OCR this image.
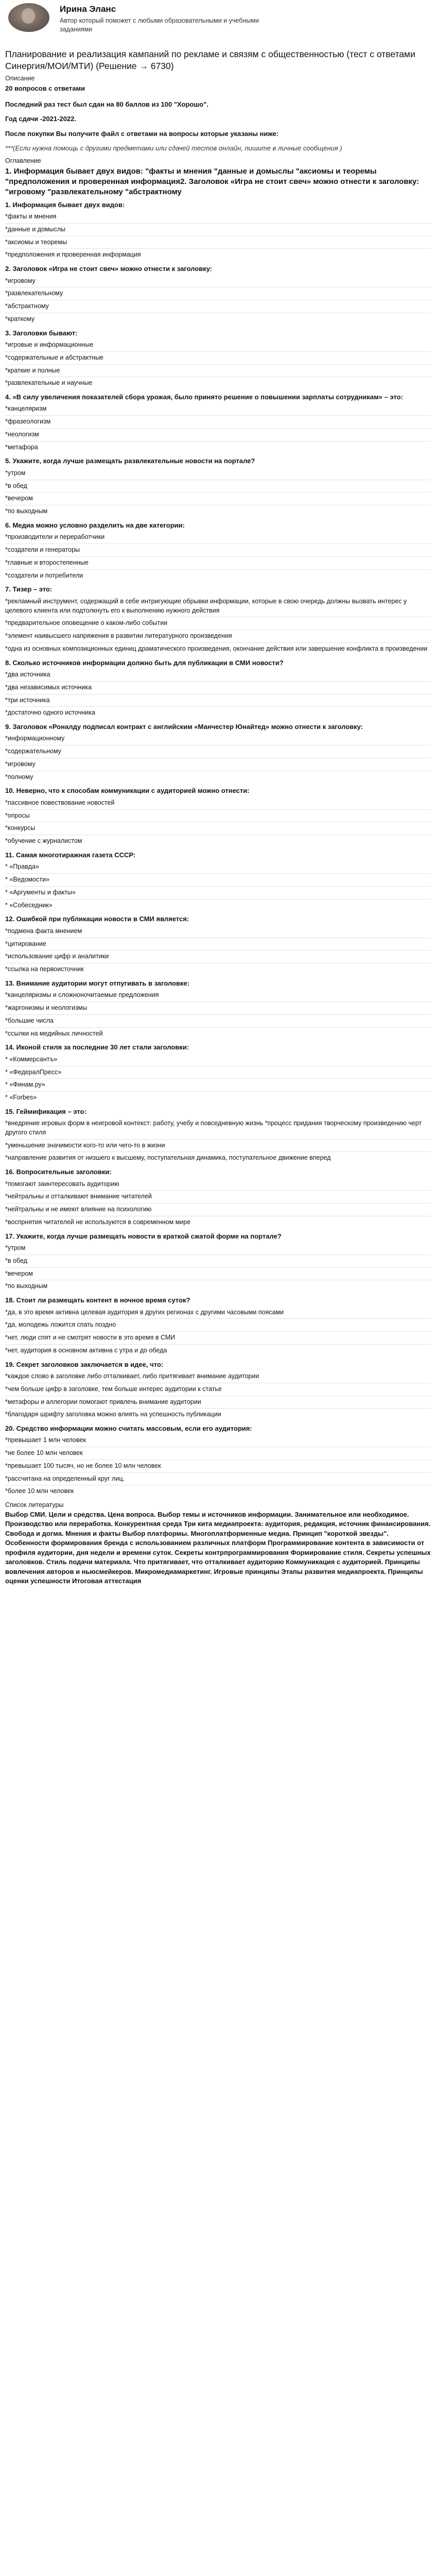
Ирина Эланс
Автор который поможет с любыми образовательными и учебными заданиями
Планирование и реализация кампаний по рекламе и связям с общественностью (тест с ответами Синергия/МОИ/МТИ) (Решение → 6730)
Описание

20 вопросов с ответами

Последний раз тест был сдан на 80 баллов из 100 "Хорошо".

Год сдачи -2021-2022.

После покупки Вы получите файл с ответами на вопросы которые указаны ниже:

***(Если нужна помощь с другими предметами или сдачей тестов онлайн, пишите в личные сообщения )

Оглавление
1. Информация бывает двух видов: "факты и мнения "данные и домыслы "аксиомы и теоремы "предположения и проверенная информация2. Заголовок «Игра не стоит свеч» можно отнести к заголовку: "игровому "развлекательному "абстрактному
1. Информация бывает двух видов:
*факты и мнения
*данные и домыслы
*аксиомы и теоремы
*предположения и проверенная информация
2. Заголовок «Игра не стоит свеч» можно отнести к заголовку:
*игровому
*развлекательному
*абстрактному
*краткому
3. Заголовки бывают:
*игровые и информационные
*содержательные и абстрактные
*краткие и полные
*развлекательные и научные
4. «В силу увеличения показателей сбора урожая, было принято решение о повышении зарплаты сотрудникам» – это:
*канцеляризм
*фразеологизм
*неологизм
*метафора
5. Укажите, когда лучше размещать развлекательные новости на портале?
*утром
*в обед
*вечером
*по выходным
6. Медиа можно условно разделить на две категории:
*производители и переработчики
*создатели и генераторы
*главные и второстепенные
*создатели и потребители
7. Тизер – это:
*рекламный инструмент, содержащий в себе интригующие обрывки информации, которые в свою очередь должны вызвать интерес у целевого клиента или подтолкнуть его к выполнению нужного действия
*предварительное оповещение о каком-либо событии
*элемент наивысшего напряжения в развитии литературного произведения
*одна из основных композиционных единиц драматического произведения, окончание действия или завершение конфликта в произведении
8. Сколько источников информации должно быть для публикации в СМИ новости?
*два источника
*два независимых источника
*три источника
*достаточно одного источника
9. Заголовок «Роналду подписал контракт с английским «Манчестер Юнайтед» можно отнести к заголовку:
*информационному
*содержательному
*игровому
*полному
10. Неверно, что к способам коммуникации с аудиторией можно отнести:
*пассивное повествование новостей
*опросы
*конкурсы
*обучение с журналистом
11. Самая многотиражная газета СССР:
* «Правда»
* «Ведомости»
* «Аргументы и факты»
* «Собеседник»
12. Ошибкой при публикации новости в СМИ является:
*подмена факта мнением
*цитирование
*использование цифр и аналитики
*ссылка на первоисточник
13. Внимание аудитории могут отпугивать в заголовке:
*канцеляризмы и сложноночитаемые предложения
*жаргонизмы и неологизмы
*большие числа
*ссылки на медийных личностей
14. Иконой стиля за последние 30 лет стали заголовки:
* «Коммерсантъ»
* «ФедералПресс»
* «Финам.ру»
* «Forbes»
15. Геймификация – это:
*внедрение игровых форм в неигровой контекст: работу, учебу и повседневную жизнь *процесс придания творческому произведению черт другого стиля
*уменьшение значимости кого-то или чего-то в жизни
*направление развития от низшего к высшему, поступательная динамика, поступательное движение вперед
16. Вопросительные заголовки:
*помогают заинтересовать аудиторию
*нейтральны и отталкивают внимание читателей
*нейтральны и не имеют влияние на психологию
*воспрнятия читателей не используются в современном мире
17. Укажите, когда лучше размещать новости в краткой сжатой форме на портале?
*утром
*в обед
*вечером
*по выходным
18. Стоит ли размещать контент в ночное время суток?
*да, в это время активна целевая аудитория в других регионах с другими часовыми поясами
*да, молодежь ложится спать поздно
*нет, люди спят и не смотрят новости в это время в СМИ
*нет, аудитория в основном активна с утра и до обеда
19. Секрет заголовков заключается в идее, что:
*каждое слово в заголовке либо отталкивает, либо притягивает внимание аудитории
*чем больше цифр в заголовке, тем больше интерес аудитории к статье
*метафоры и аллегории помогают привлечь внимание аудитории
*благодаря шрифту заголовка можно влиять на успешность публикации
20. Средство информации можно считать массовым, если его аудитория:
*превышает 1 млн человек
*не более 10 млн человек
*превышает 100 тысяч, но не более 10 млн человек
*рассчитана на определенный круг лиц.
*более 10 млн человек
Список литературы
Выбор СМИ. Цели и средства. Цена вопроса. Выбор темы и источников информации. Занимательное или необходимое. Производство или переработка. Конкурентная среда Три кита медиапроекта: аудитория, редакция, источник финансирования. Свобода и догма. Мнения и факты Выбор платформы. Многоплатформенные медиа. Принцип "короткой звезды". Особенности формирования бренда с использованием различных платформ Программирование контента в зависимости от профиля аудитории, дня недели и времени суток. Секреты контрпрограммирования Формирование стиля. Секреты успешных заголовков. Стиль подачи материала. Что притягивает, что отталкивает аудиторию Коммуникация с аудиторией. Принципы вовлечения авторов и ньюсмейкеров. Микромедиамаркетинг. Игровые принципы Этапы развития медиапроекта. Принципы оценки успешности Итоговая аттестация
